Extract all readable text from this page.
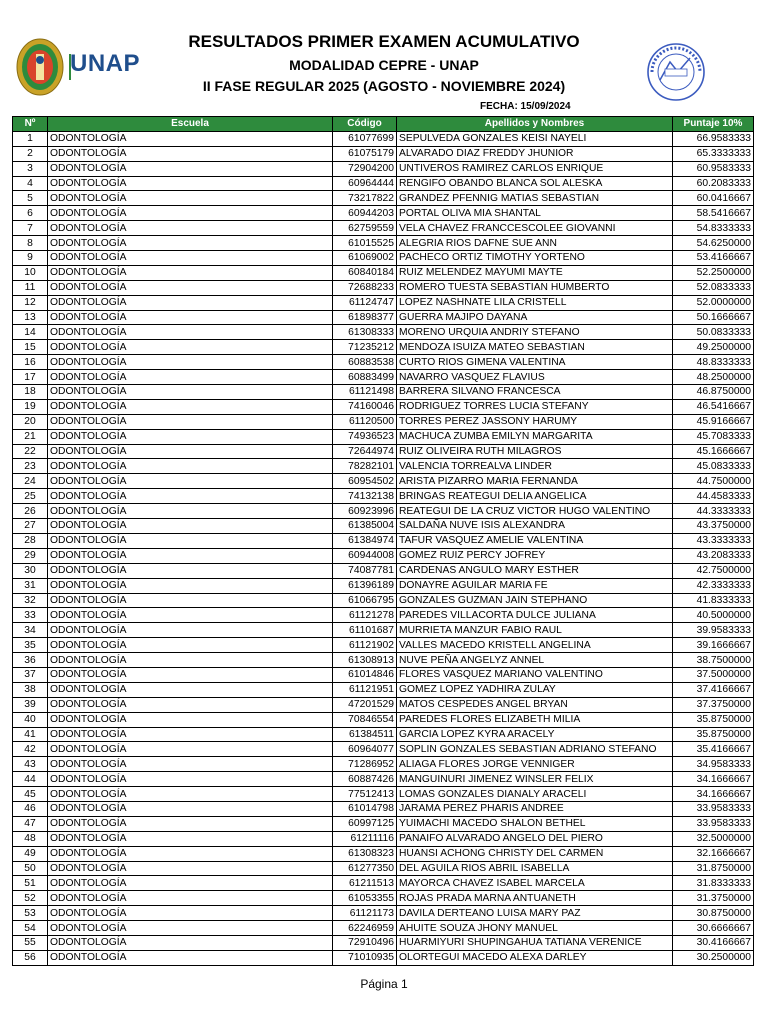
UNAP
RESULTADOS PRIMER EXAMEN ACUMULATIVO
MODALIDAD CEPRE - UNAP
II FASE REGULAR 2025 (AGOSTO - NOVIEMBRE 2024)
FECHA: 15/09/2024
Nº	Escuela	Código	Apellidos y Nombres	Puntaje 10%
1	ODONTOLOGÍA	61077699	SEPULVEDA GONZALES KEISI NAYELI	66.9583333
2	ODONTOLOGÍA	61075179	ALVARADO DIAZ FREDDY JHUNIOR	65.3333333
3	ODONTOLOGÍA	72904200	UNTIVEROS RAMIREZ CARLOS ENRIQUE	60.9583333
4	ODONTOLOGÍA	60964444	RENGIFO OBANDO BLANCA SOL ALESKA	60.2083333
5	ODONTOLOGÍA	73217822	GRANDEZ PFENNIG MATIAS SEBASTIAN	60.0416667
6	ODONTOLOGÍA	60944203	PORTAL OLIVA MIA SHANTAL	58.5416667
7	ODONTOLOGÍA	62759559	VELA CHAVEZ FRANCCESCOLEE GIOVANNI	54.8333333
8	ODONTOLOGÍA	61015525	ALEGRIA RIOS DAFNE SUE ANN	54.6250000
9	ODONTOLOGÍA	61069002	PACHECO ORTIZ TIMOTHY YORTENO	53.4166667
10	ODONTOLOGÍA	60840184	RUIZ MELENDEZ MAYUMI MAYTE	52.2500000
11	ODONTOLOGÍA	72688233	ROMERO TUESTA SEBASTIAN HUMBERTO	52.0833333
12	ODONTOLOGÍA	61124747	LOPEZ NASHNATE LILA CRISTELL	52.0000000
13	ODONTOLOGÍA	61898377	GUERRA MAJIPO DAYANA	50.1666667
14	ODONTOLOGÍA	61308333	MORENO URQUIA ANDRIY STEFANO	50.0833333
15	ODONTOLOGÍA	71235212	MENDOZA ISUIZA MATEO SEBASTIAN	49.2500000
16	ODONTOLOGÍA	60883538	CURTO RIOS GIMENA VALENTINA	48.8333333
17	ODONTOLOGÍA	60883499	NAVARRO VASQUEZ FLAVIUS	48.2500000
18	ODONTOLOGÍA	61121498	BARRERA SILVANO FRANCESCA	46.8750000
19	ODONTOLOGÍA	74160046	RODRIGUEZ TORRES LUCIA STEFANY	46.5416667
20	ODONTOLOGÍA	61120500	TORRES PEREZ JASSONY HARUMY	45.9166667
21	ODONTOLOGÍA	74936523	MACHUCA ZUMBA EMILYN MARGARITA	45.7083333
22	ODONTOLOGÍA	72644974	RUIZ OLIVEIRA RUTH MILAGROS	45.1666667
23	ODONTOLOGÍA	78282101	VALENCIA TORREALVA LINDER	45.0833333
24	ODONTOLOGÍA	60954502	ARISTA PIZARRO MARIA FERNANDA	44.7500000
25	ODONTOLOGÍA	74132138	BRINGAS REATEGUI DELIA ANGELICA	44.4583333
26	ODONTOLOGÍA	60923996	REATEGUI DE LA CRUZ VICTOR HUGO VALENTINO	44.3333333
27	ODONTOLOGÍA	61385004	SALDAÑA NUVE ISIS ALEXANDRA	43.3750000
28	ODONTOLOGÍA	61384974	TAFUR VASQUEZ AMELIE VALENTINA	43.3333333
29	ODONTOLOGÍA	60944008	GOMEZ RUIZ PERCY JOFREY	43.2083333
30	ODONTOLOGÍA	74087781	CARDENAS ANGULO MARY ESTHER	42.7500000
31	ODONTOLOGÍA	61396189	DONAYRE AGUILAR MARIA FE	42.3333333
32	ODONTOLOGÍA	61066795	GONZALES GUZMAN JAIN STEPHANO	41.8333333
33	ODONTOLOGÍA	61121278	PAREDES VILLACORTA DULCE JULIANA	40.5000000
34	ODONTOLOGÍA	61101687	MURRIETA MANZUR FABIO RAUL	39.9583333
35	ODONTOLOGÍA	61121902	VALLES MACEDO KRISTELL ANGELINA	39.1666667
36	ODONTOLOGÍA	61308913	NUVE PEÑA ANGELYZ ANNEL	38.7500000
37	ODONTOLOGÍA	61014846	FLORES VASQUEZ MARIANO VALENTINO	37.5000000
38	ODONTOLOGÍA	61121951	GOMEZ LOPEZ YADHIRA ZULAY	37.4166667
39	ODONTOLOGÍA	47201529	MATOS CESPEDES ANGEL BRYAN	37.3750000
40	ODONTOLOGÍA	70846554	PAREDES FLORES ELIZABETH MILIA	35.8750000
41	ODONTOLOGÍA	61384511	GARCIA LOPEZ KYRA ARACELY	35.8750000
42	ODONTOLOGÍA	60964077	SOPLIN GONZALES SEBASTIAN ADRIANO STEFANO	35.4166667
43	ODONTOLOGÍA	71286952	ALIAGA FLORES JORGE VENNIGER	34.9583333
44	ODONTOLOGÍA	60887426	MANGUINURI JIMENEZ WINSLER FELIX	34.1666667
45	ODONTOLOGÍA	77512413	LOMAS GONZALES DIANALY ARACELI	34.1666667
46	ODONTOLOGÍA	61014798	JARAMA PEREZ PHARIS ANDREE	33.9583333
47	ODONTOLOGÍA	60997125	YUIMACHI MACEDO SHALON BETHEL	33.9583333
48	ODONTOLOGÍA	61211116	PANAIFO ALVARADO ANGELO DEL PIERO	32.5000000
49	ODONTOLOGÍA	61308323	HUANSI ACHONG CHRISTY DEL CARMEN	32.1666667
50	ODONTOLOGÍA	61277350	DEL AGUILA RIOS ABRIL ISABELLA	31.8750000
51	ODONTOLOGÍA	61211513	MAYORCA CHAVEZ ISABEL MARCELA	31.8333333
52	ODONTOLOGÍA	61053355	ROJAS PRADA MARNA ANTUANETH	31.3750000
53	ODONTOLOGÍA	61121173	DAVILA DERTEANO LUISA MARY PAZ	30.8750000
54	ODONTOLOGÍA	62246959	AHUITE SOUZA JHONY MANUEL	30.6666667
55	ODONTOLOGÍA	72910496	HUARMIYURI SHUPINGAHUA TATIANA VERENICE	30.4166667
56	ODONTOLOGÍA	71010935	OLORTEGUI MACEDO ALEXA DARLEY	30.2500000
Página 1
